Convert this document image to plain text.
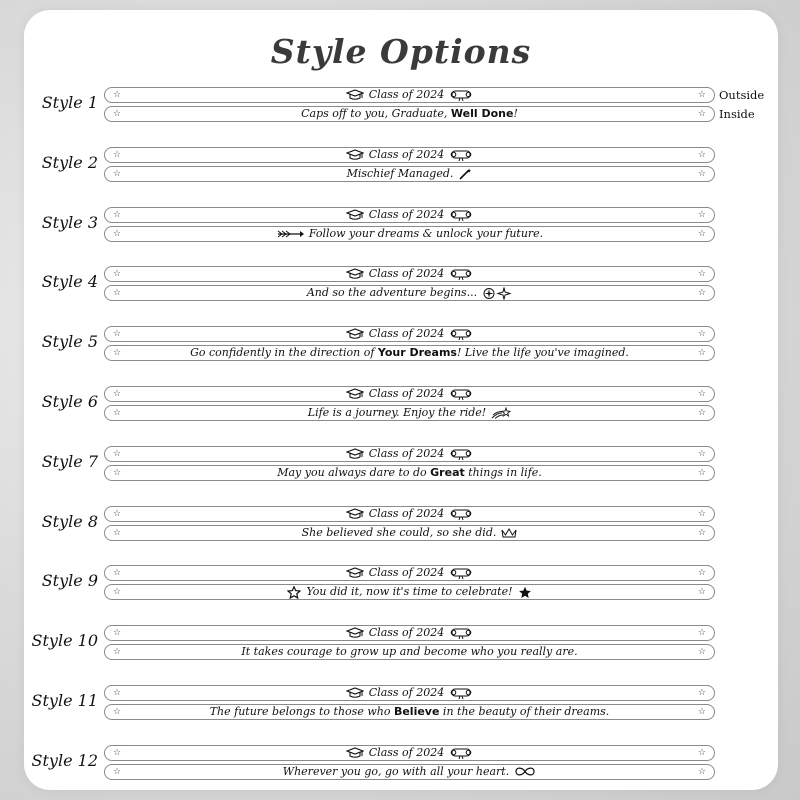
Style Options
Outside
Inside
Style 1 ☆	Class of 2024	☆
☆	Caps off to you, Graduate, Well Done!	☆
Style 2 ☆	Class of 2024	☆
☆	Mischief Managed.	☆
Style 3 ☆	Class of 2024	☆
☆	Follow your dreams & unlock your future.	☆
Style 4 ☆	Class of 2024	☆
☆	And so the adventure begins...	☆
Style 5 ☆	Class of 2024	☆
☆	Go confidently in the direction of Your Dreams! Live the life you've imagined.	☆
Style 6 ☆	Class of 2024	☆
☆	Life is a journey. Enjoy the ride!	☆
Style 7 ☆	Class of 2024	☆
☆	May you always dare to do Great things in life.	☆
Style 8 ☆	Class of 2024	☆
☆	She believed she could, so she did.	☆
Style 9 ☆	Class of 2024	☆
☆	You did it, now it's time to celebrate!	☆
Style 10 ☆	Class of 2024	☆
☆	It takes courage to grow up and become who you really are.	☆
Style 11 ☆	Class of 2024	☆
☆	The future belongs to those who Believe in the beauty of their dreams.	☆
Style 12 ☆	Class of 2024	☆
☆	Wherever you go, go with all your heart.	☆
